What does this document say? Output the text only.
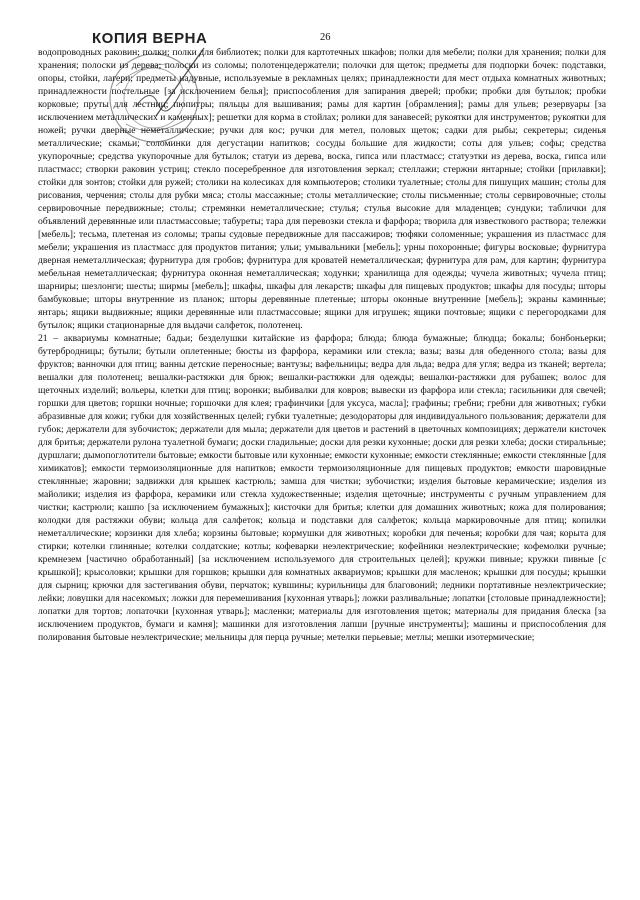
КОПИЯ ВЕРНА	26

водопроводных раковин; полки; полки для библиотек; полки для картотечных шкафов; полки для мебели; полки для хранения; полки для хранения; полоски из дерева; полоски из соломы; полотенцедержатели; полочки для щеток; предметы для подпорки бочек: подставки, опоры, стойки, лагери; предметы надувные, используемые в рекламных целях; принадлежности для мест отдыха комнатных животных; принадлежности постельные [за исключением белья]; приспособления для запирания дверей; пробки; пробки для бутылок; пробки корковые; пруты для лестниц; пюпитры; пяльцы для вышивания; рамы для картин [обрамления]; рамы для ульев; резервуары [за исключением металлических и каменных]; решетки для корма в стойлах; ролики для занавесей; рукоятки для инструментов; рукоятки для ножей; ручки дверные неметаллические; ручки для кос; ручки для метел, половых щеток; садки для рыбы; секретеры; сиденья металлические; скамьи; соломинки для дегустации напитков; сосуды большие для жидкости; соты для ульев; софы; средства укупорочные; средства укупорочные для бутылок; статуи из дерева, воска, гипса или пластмасс; статуэтки из дерева, воска, гипса или пластмасс; створки раковин устриц; стекло посеребренное для изготовления зеркал; стеллажи; стержни янтарные; стойки [прилавки]; стойки для зонтов; стойки для ружей; столики на колесиках для компьютеров; столики туалетные; столы для пишущих машин; столы для рисования, черчения; столы для рубки мяса; столы массажные; столы металлические; столы письменные; столы сервировочные; столы сервировочные передвижные; столы; стремянки неметаллические; стулья; стулья высокие для младенцев; сундуки; таблички для объявлений деревянные или пластмассовые; табуреты; тара для перевозки стекла и фарфора; творила для известкового раствора; тележки [мебель]; тесьма, плетеная из соломы; трапы судовые передвижные для пассажиров; тюфяки соломенные; украшения из пластмасс для мебели; украшения из пластмасс для продуктов питания; ульи; умывальники [мебель]; урны похоронные; фигуры восковые; фурнитура дверная неметаллическая; фурнитура для гробов; фурнитура для кроватей неметаллическая; фурнитура для рам, для картин; фурнитура мебельная неметаллическая; фурнитура оконная неметаллическая; ходунки; хранилища для одежды; чучела животных; чучела птиц; шарниры; шезлонги; шесты; ширмы [мебель]; шкафы, шкафы для лекарств; шкафы для пищевых продуктов; шкафы для посуды; шторы бамбуковые; шторы внутренние из планок; шторы деревянные плетеные; шторы оконные внутренние [мебель]; экраны каминные; янтарь; ящики выдвижные; ящики деревянные или пластмассовые; ящики для игрушек; ящики почтовые; ящики с перегородками для бутылок; ящики стационарные для выдачи салфеток, полотенец.

21 – аквариумы комнатные; бадьи; безделушки китайские из фарфора; блюда; блюда бумажные; блюдца; бокалы; бонбоньерки; бутербродницы; бутыли; бутыли оплетенные; бюсты из фарфора, керамики или стекла; вазы; вазы для обеденного стола; вазы для фруктов; ванночки для птиц; ванны детские переносные; вантузы; вафельницы; ведра для льда; ведра для угля; ведра из тканей; вертела; вешалки для полотенец; вешалки-растяжки для брюк; вешалки-растяжки для одежды; вешалки-растяжки для рубашек; волос для щеточных изделий; вольеры, клетки для птиц; воронки; выбивалки для ковров; вывески из фарфора или стекла; гасильники для свечей; горшки для цветов; горшки ночные; горшочки для клея; графинчики [для уксуса, масла]; графины; гребни; гребни для животных; губки абразивные для кожи; губки для хозяйственных целей; губки туалетные; дезодораторы для индивидуального пользования; держатели для губок; держатели для зубочисток; держатели для мыла; держатели для цветов и растений в цветочных композициях; держатели кисточек для бритья; держатели рулона туалетной бумаги; доски гладильные; доски для резки кухонные; доски для резки хлеба; доски стиральные; дуршлаги; дымопоглотители бытовые; емкости бытовые или кухонные; емкости кухонные; емкости стеклянные; емкости стеклянные [для химикатов]; емкости термоизоляционные для напитков; емкости термоизоляционные для пищевых продуктов; емкости шаровидные стеклянные; жаровни; задвижки для крышек кастрюль; замша для чистки; зубочистки; изделия бытовые керамические; изделия из майолики; изделия из фарфора, керамики или стекла художественные; изделия щеточные; инструменты с ручным управлением для чистки; кастрюли; кашпо [за исключением бумажных]; кисточки для бритья; клетки для домашних животных; кожа для полирования; колодки для растяжки обуви; кольца для салфеток; кольца и подставки для салфеток; кольца маркировочные для птиц; копилки неметаллические; корзинки для хлеба; корзины бытовые; кормушки для животных; коробки для печенья; коробки для чая; корыта для стирки; котелки глиняные; котелки солдатские; котлы; кофеварки неэлектрические; кофейники неэлектрические; кофемолки ручные; кремнезем [частично обработанный] [за исключением используемого для строительных целей]; кружки пивные; кружки пивные [с крышкой]; крысоловки; крышки для горшков; крышки для комнатных аквариумов; крышки для масленок; крышки для посуды; крышки для сырниц; крючки для застегивания обуви, перчаток; кувшины; курильницы для благовоний; ледники портативные неэлектрические; лейки; ловушки для насекомых; ложки для перемешивания [кухонная утварь]; ложки разливальные; лопатки [столовые принадлежности]; лопатки для тортов; лопаточки [кухонная утварь]; масленки; материалы для изготовления щеток; материалы для придания блеска [за исключением продуктов, бумаги и камня]; машинки для изготовления лапши [ручные инструменты]; машины и приспособления для полирования бытовые неэлектрические; мельницы для перца ручные; метелки перьевые; метлы; мешки изотермические;
